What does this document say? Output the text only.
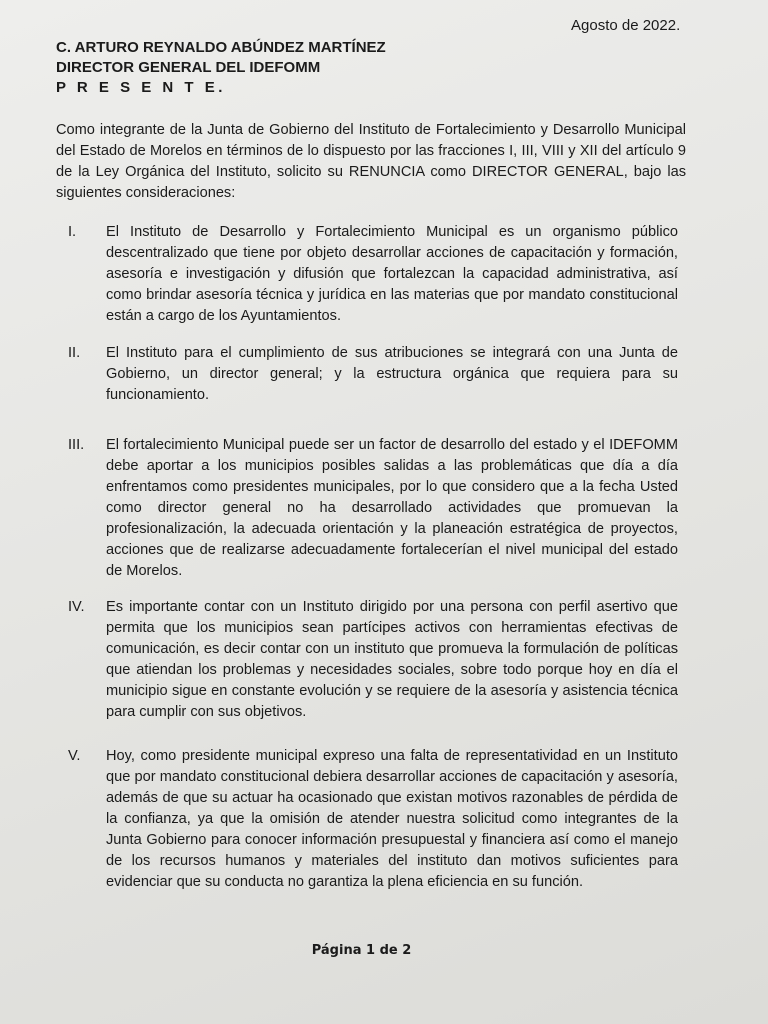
Agosto de 2022.
C. ARTURO REYNALDO ABÚNDEZ MARTÍNEZ
DIRECTOR GENERAL DEL IDEFOMM
P R E S E N T E.
Como integrante de la Junta de Gobierno del Instituto de Fortalecimiento y Desarrollo Municipal del Estado de Morelos en términos de lo dispuesto por las fracciones I, III, VIII y XII del artículo 9 de la Ley Orgánica del Instituto, solicito su RENUNCIA como DIRECTOR GENERAL, bajo las siguientes consideraciones:
I.	El Instituto de Desarrollo y Fortalecimiento Municipal es un organismo público descentralizado que tiene por objeto desarrollar acciones de capacitación y formación, asesoría e investigación y difusión que fortalezcan la capacidad administrativa, así como brindar asesoría técnica y jurídica en las materias que por mandato constitucional están a cargo de los Ayuntamientos.
II.	El Instituto para el cumplimiento de sus atribuciones se integrará con una Junta de Gobierno, un director general; y la estructura orgánica que requiera para su funcionamiento.
III.	El fortalecimiento Municipal puede ser un factor de desarrollo del estado y el IDEFOMM debe aportar a los municipios posibles salidas a las problemáticas que día a día enfrentamos como presidentes municipales, por lo que considero que a la fecha Usted como director general no ha desarrollado actividades que promuevan la profesionalización, la adecuada orientación y la planeación estratégica de proyectos, acciones que de realizarse adecuadamente fortalecerían el nivel municipal del estado de Morelos.
IV.	Es importante contar con un Instituto dirigido por una persona con perfil asertivo que permita que los municipios sean partícipes activos con herramientas efectivas de comunicación, es decir contar con un instituto que promueva la formulación de políticas que atiendan los problemas y necesidades sociales, sobre todo porque hoy en día el municipio sigue en constante evolución y se requiere de la asesoría y asistencia técnica para cumplir con sus objetivos.
V.	Hoy, como presidente municipal expreso una falta de representatividad en un Instituto que por mandato constitucional debiera desarrollar acciones de capacitación y asesoría, además de que su actuar ha ocasionado que existan motivos razonables de pérdida de la confianza, ya que la omisión de atender nuestra solicitud como integrantes de la Junta Gobierno para conocer información presupuestal y financiera así como el manejo de los recursos humanos y materiales del instituto dan motivos suficientes para evidenciar que su conducta no garantiza la plena eficiencia en su función.
Página 1 de 2
